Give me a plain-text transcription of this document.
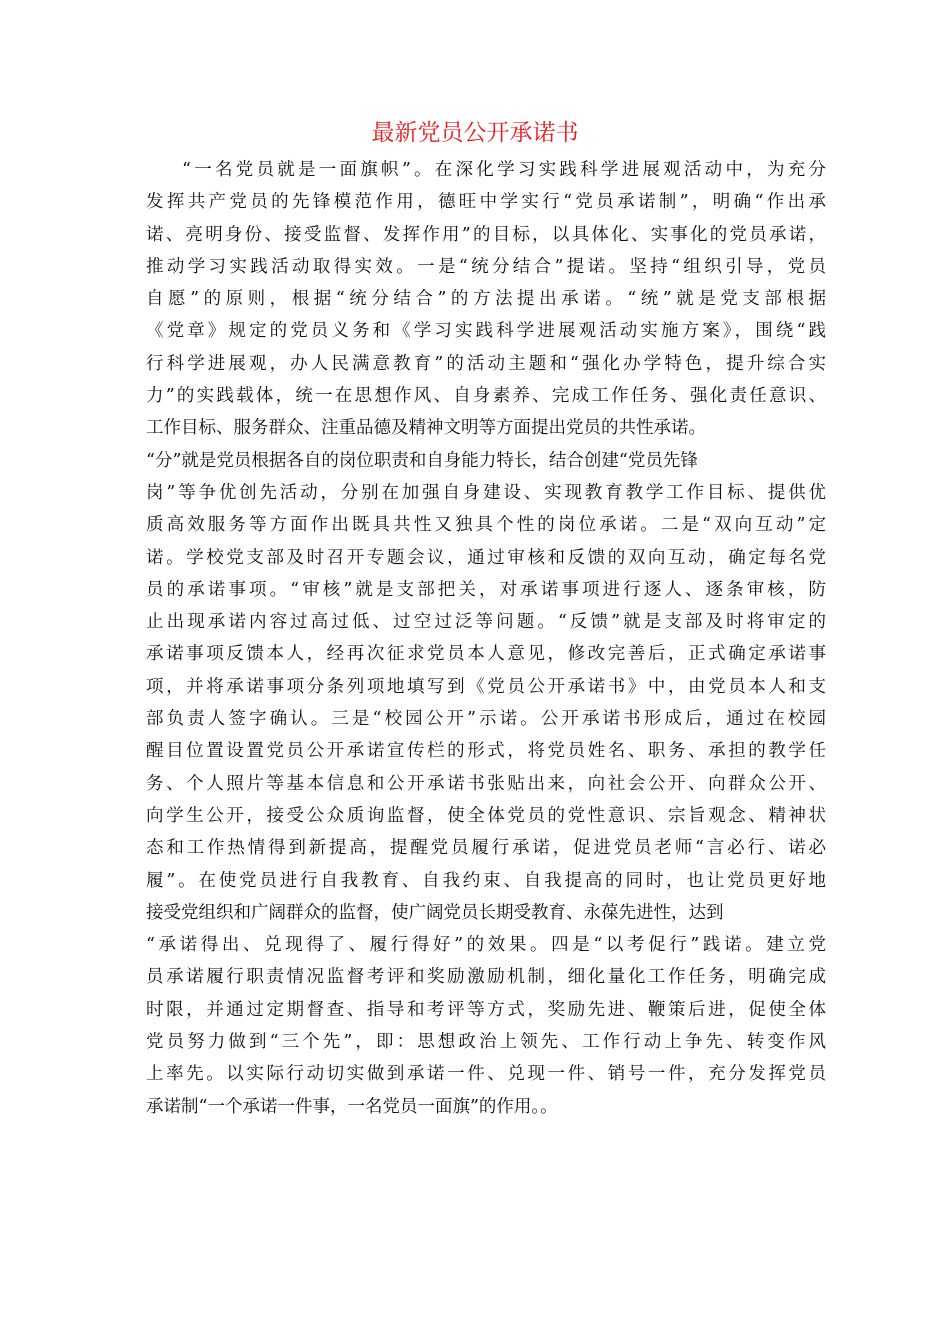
最新党员公开承诺书
“一名党员就是一面旗帜”。在深化学习实践科学进展观活动中，为充分
发挥共产党员的先锋模范作用，德旺中学实行“党员承诺制”，明确“作出承
诺、亮明身份、接受监督、发挥作用”的目标，以具体化、实事化的党员承诺，
推动学习实践活动取得实效。一是“统分结合”提诺。坚持“组织引导，党员
自愿”的原则，根据“统分结合”的方法提出承诺。“统”就是党支部根据
《党章》规定的党员义务和《学习实践科学进展观活动实施方案》，围绕“践
行科学进展观，办人民满意教育”的活动主题和“强化办学特色，提升综合实
力”的实践载体，统一在思想作风、自身素养、完成工作任务、强化责任意识、
工作目标、服务群众、注重品德及精神文明等方面提出党员的共性承诺。
“分”就是党员根据各自的岗位职责和自身能力特长，结合创建“党员先锋
岗”等争优创先活动，分别在加强自身建设、实现教育教学工作目标、提供优
质高效服务等方面作出既具共性又独具个性的岗位承诺。二是“双向互动”定
诺。学校党支部及时召开专题会议，通过审核和反馈的双向互动，确定每名党
员的承诺事项。“审核”就是支部把关，对承诺事项进行逐人、逐条审核，防
止出现承诺内容过高过低、过空过泛等问题。“反馈”就是支部及时将审定的
承诺事项反馈本人，经再次征求党员本人意见，修改完善后，正式确定承诺事
项，并将承诺事项分条列项地填写到《党员公开承诺书》中，由党员本人和支
部负责人签字确认。三是“校园公开”示诺。公开承诺书形成后，通过在校园
醒目位置设置党员公开承诺宣传栏的形式，将党员姓名、职务、承担的教学任
务、个人照片等基本信息和公开承诺书张贴出来，向社会公开、向群众公开、
向学生公开，接受公众质询监督，使全体党员的党性意识、宗旨观念、精神状
态和工作热情得到新提高，提醒党员履行承诺，促进党员老师“言必行、诺必
履”。在使党员进行自我教育、自我约束、自我提高的同时，也让党员更好地
接受党组织和广阔群众的监督，使广阔党员长期受教育、永葆先进性，达到
“承诺得出、兑现得了、履行得好”的效果。四是“以考促行”践诺。建立党
员承诺履行职责情况监督考评和奖励激励机制，细化量化工作任务，明确完成
时限，并通过定期督查、指导和考评等方式，奖励先进、鞭策后进，促使全体
党员努力做到“三个先”，即：思想政治上领先、工作行动上争先、转变作风
上率先。以实际行动切实做到承诺一件、兑现一件、销号一件，充分发挥党员
承诺制“一个承诺一件事，一名党员一面旗”的作用。。
